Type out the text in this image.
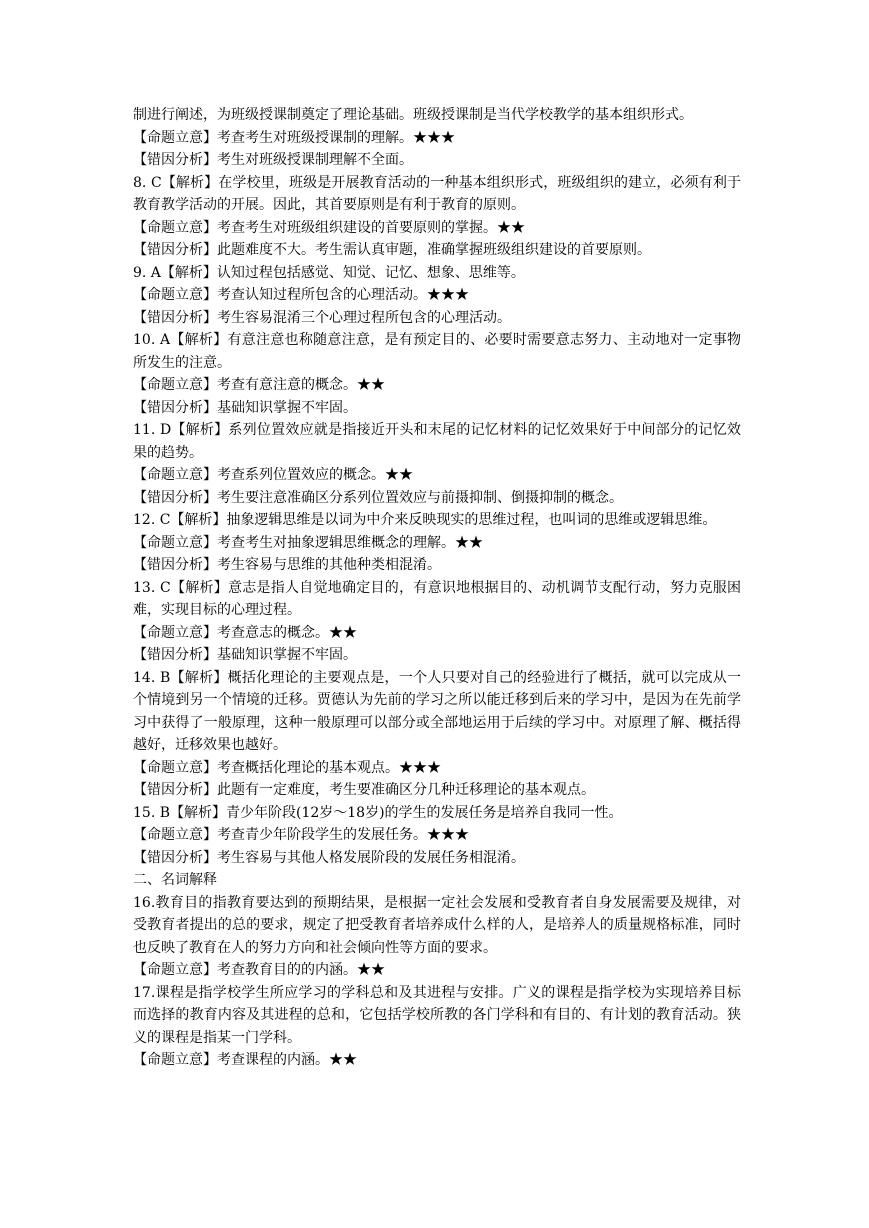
制进行阐述，为班级授课制奠定了理论基础。班级授课制是当代学校教学的基本组织形式。

【命题立意】考查考生对班级授课制的理解。★★★

【错因分析】考生对班级授课制理解不全面。

8. C【解析】在学校里，班级是开展教育活动的一种基本组织形式，班级组织的建立，必须有利于教育教学活动的开展。因此，其首要原则是有利于教育的原则。

【命题立意】考查考生对班级组织建设的首要原则的掌握。★★

【错因分析】此题难度不大。考生需认真审题，准确掌握班级组织建设的首要原则。

9. A【解析】认知过程包括感觉、知觉、记忆、想象、思维等。

【命题立意】考查认知过程所包含的心理活动。★★★

【错因分析】考生容易混淆三个心理过程所包含的心理活动。

10. A【解析】有意注意也称随意注意，是有预定目的、必要时需要意志努力、主动地对一定事物所发生的注意。

【命题立意】考查有意注意的概念。★★

【错因分析】基础知识掌握不牢固。

11. D【解析】系列位置效应就是指接近开头和末尾的记忆材料的记忆效果好于中间部分的记忆效果的趋势。

【命题立意】考查系列位置效应的概念。★★

【错因分析】考生要注意准确区分系列位置效应与前摄抑制、倒摄抑制的概念。

12. C【解析】抽象逻辑思维是以词为中介来反映现实的思维过程，也叫词的思维或逻辑思维。

【命题立意】考查考生对抽象逻辑思维概念的理解。★★

【错因分析】考生容易与思维的其他种类相混淆。

13. C【解析】意志是指人自觉地确定目的，有意识地根据目的、动机调节支配行动，努力克服困难，实现目标的心理过程。

【命题立意】考查意志的概念。★★

【错因分析】基础知识掌握不牢固。

14. B【解析】概括化理论的主要观点是，一个人只要对自己的经验进行了概括，就可以完成从一个情境到另一个情境的迁移。贾德认为先前的学习之所以能迁移到后来的学习中，是因为在先前学习中获得了一般原理，这种一般原理可以部分或全部地运用于后续的学习中。对原理了解、概括得越好，迁移效果也越好。

【命题立意】考查概括化理论的基本观点。★★★

【错因分析】此题有一定难度，考生要准确区分几种迁移理论的基本观点。

15. B【解析】青少年阶段(12岁～18岁)的学生的发展任务是培养自我同一性。

【命题立意】考查青少年阶段学生的发展任务。★★★

【错因分析】考生容易与其他人格发展阶段的发展任务相混淆。

二、名词解释

16.教育目的指教育要达到的预期结果，是根据一定社会发展和受教育者自身发展需要及规律，对受教育者提出的总的要求，规定了把受教育者培养成什么样的人，是培养人的质量规格标准，同时也反映了教育在人的努力方向和社会倾向性等方面的要求。

【命题立意】考查教育目的的内涵。★★

17.课程是指学校学生所应学习的学科总和及其进程与安排。广义的课程是指学校为实现培养目标而选择的教育内容及其进程的总和，它包括学校所教的各门学科和有目的、有计划的教育活动。狭义的课程是指某一门学科。

【命题立意】考查课程的内涵。★★
